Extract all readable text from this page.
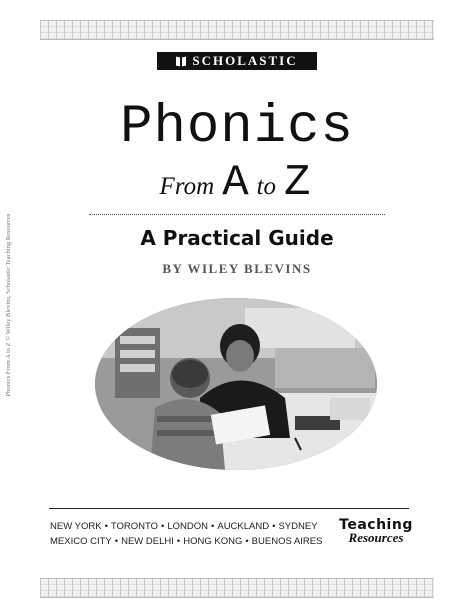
Phonics From A to Z © Wiley Blevins, Scholastic Teaching Resources
SCHOLASTIC
Phonics
From A to Z
A Practical Guide
BY WILEY BLEVINS
NEW YORK • TORONTO • LONDON • AUCKLAND • SYDNEY
MEXICO CITY • NEW DELHI • HONG KONG • BUENOS AIRES
Teaching
Resources
